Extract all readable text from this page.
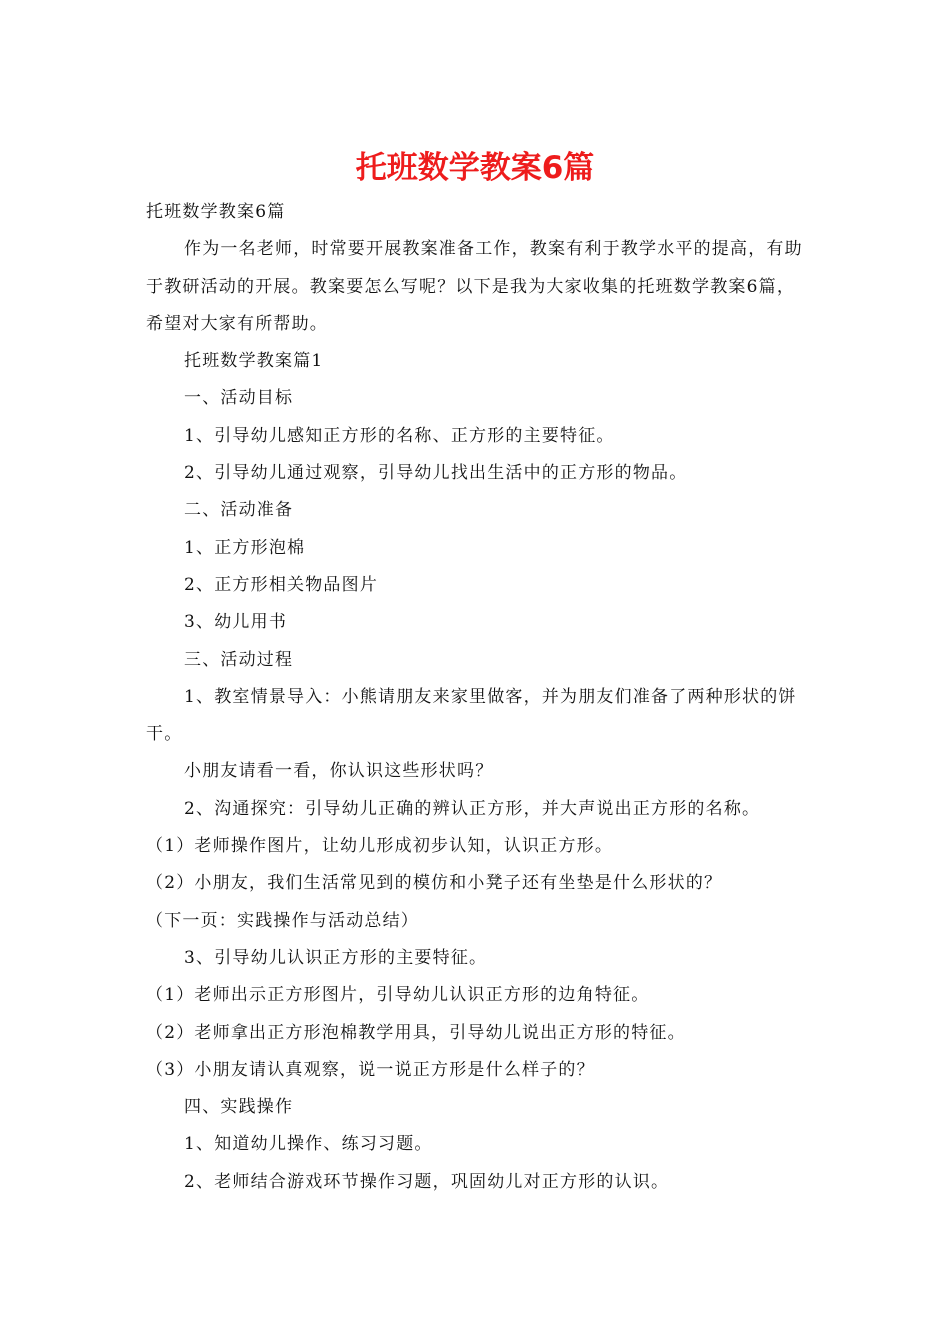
托班数学教案6篇

托班数学教案6篇

作为一名老师，时常要开展教案准备工作，教案有利于教学水平的提高，有助于教研活动的开展。教案要怎么写呢？以下是我为大家收集的托班数学教案6篇，希望对大家有所帮助。

托班数学教案篇1

一、活动目标

1、引导幼儿感知正方形的名称、正方形的主要特征。

2、引导幼儿通过观察，引导幼儿找出生活中的正方形的物品。

二、活动准备

1、正方形泡棉

2、正方形相关物品图片

3、幼儿用书

三、活动过程

1、教室情景导入：小熊请朋友来家里做客，并为朋友们准备了两种形状的饼干。

小朋友请看一看，你认识这些形状吗？

2、沟通探究：引导幼儿正确的辨认正方形，并大声说出正方形的名称。

（1）老师操作图片，让幼儿形成初步认知，认识正方形。

（2）小朋友，我们生活常见到的模仿和小凳子还有坐垫是什么形状的？

（下一页：实践操作与活动总结）

3、引导幼儿认识正方形的主要特征。

（1）老师出示正方形图片，引导幼儿认识正方形的边角特征。

（2）老师拿出正方形泡棉教学用具，引导幼儿说出正方形的特征。

（3）小朋友请认真观察，说一说正方形是什么样子的？

四、实践操作

1、知道幼儿操作、练习习题。

2、老师结合游戏环节操作习题，巩固幼儿对正方形的认识。
